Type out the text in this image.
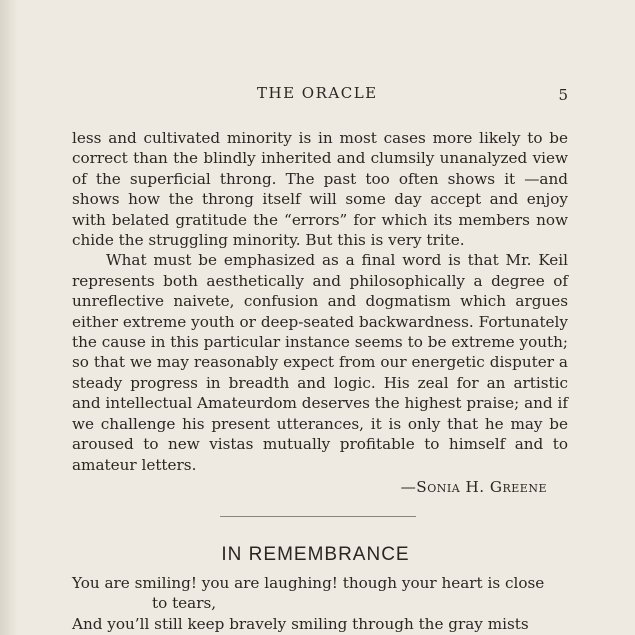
THE ORACLE	5

less and cultivated minority is in most cases more likely to be correct than the blindly inherited and clumsily unanalyzed view of the superficial throng. The past too often shows it —and shows how the throng itself will some day accept and enjoy with belated gratitude the “errors” for which its members now chide the struggling minority. But this is very trite.

What must be emphasized as a final word is that Mr. Keil represents both aesthetically and philosophically a degree of unreflective naivete, confusion and dogmatism which argues either extreme youth or deep-seated backwardness. Fortunately the cause in this particular instance seems to be extreme youth; so that we may reasonably expect from our energetic disputer a steady progress in breadth and logic. His zeal for an artistic and intellectual Amateurdom deserves the highest praise; and if we challenge his present utterances, it is only that he may be aroused to new vistas mutually profitable to himself and to amateur letters.

—Sonia H. Greene
IN REMEMBRANCE
You are smiling! you are laughing! though your heart is close
to tears,
And you’ll still keep bravely smiling through the gray mists
